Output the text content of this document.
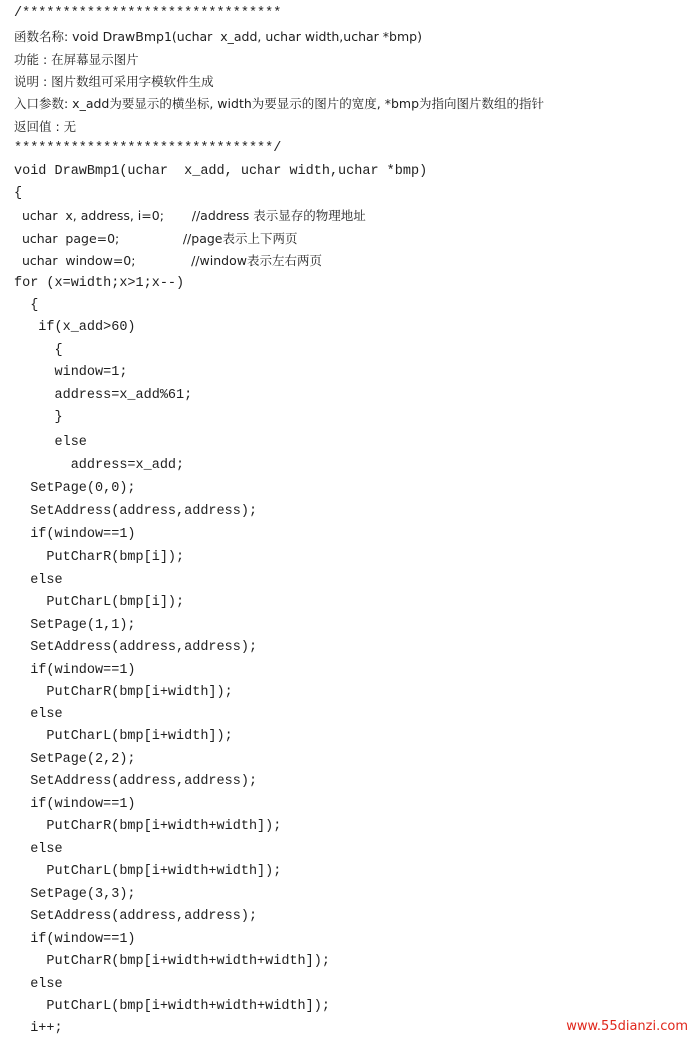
/********************************
函数名称: void DrawBmp1(uchar  x_add, uchar width,uchar *bmp)
功能 : 在屏幕显示图片
说明 : 图片数组可采用字模软件生成
入口参数: x_add为要显示的横坐标, width为要显示的图片的宽度, *bmp为指向图片数组的指针
返回值 : 无
********************************/
void DrawBmp1(uchar  x_add, uchar width,uchar *bmp)
{
uchar  x, address, i=0;       //address 表示显存的物理地址
uchar  page=0;                //page表示上下两页
uchar  window=0;              //window表示左右两页
for (x=width;x>1;x--)
{
if(x_add>60)
{
window=1;
address=x_add%61;
}
else
address=x_add;
SetPage(0,0);
SetAddress(address,address);
if(window==1)
PutCharR(bmp[i]);
else
PutCharL(bmp[i]);
SetPage(1,1);
SetAddress(address,address);
if(window==1)
PutCharR(bmp[i+width]);
else
PutCharL(bmp[i+width]);
SetPage(2,2);
SetAddress(address,address);
if(window==1)
PutCharR(bmp[i+width+width]);
else
PutCharL(bmp[i+width+width]);
SetPage(3,3);
SetAddress(address,address);
if(window==1)
PutCharR(bmp[i+width+width+width]);
else
PutCharL(bmp[i+width+width+width]);
i++;	www.55dianzi.com
